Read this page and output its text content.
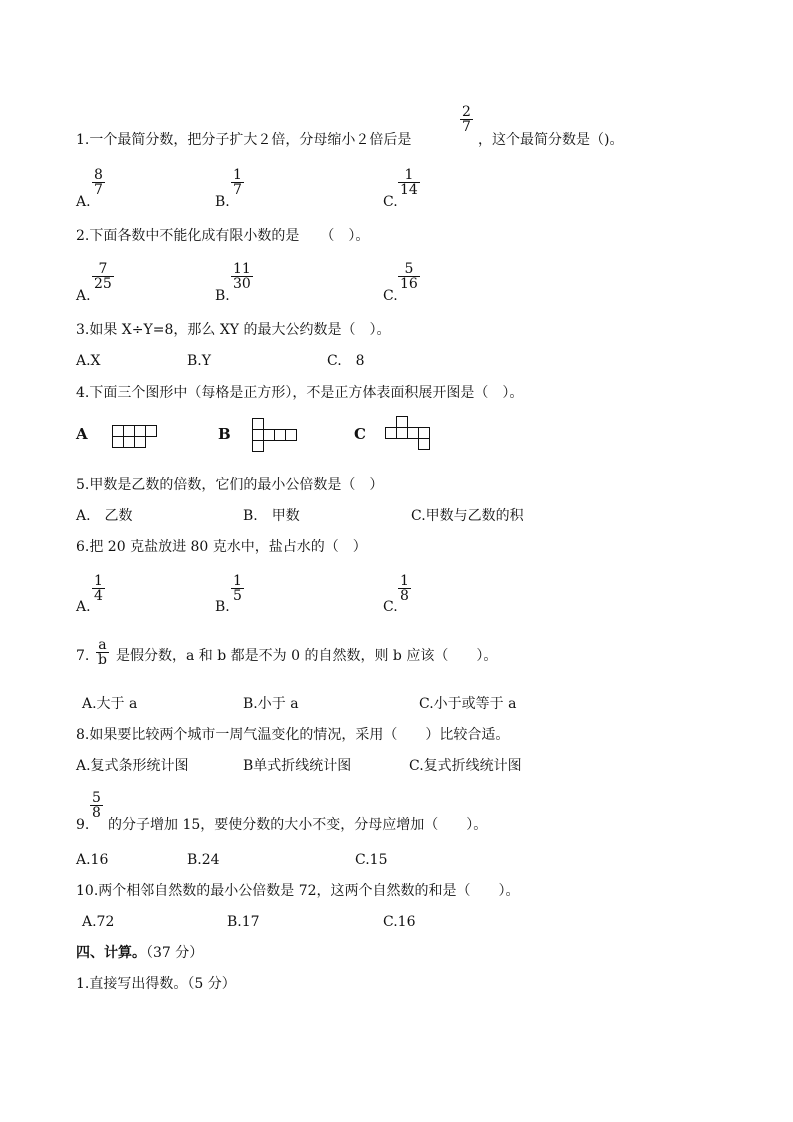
1.一个最简分数，把分子扩大２倍，分母缩小２倍后是
$\frac{2}{7}$
，这个最简分数是（)。
A.
$\frac{8}{7}$
B.
$\frac{1}{7}$
C.
$\frac{1}{14}$
2.下面各数中不能化成有限小数的是　　（　）。
A.
$\frac{7}{25}$
B.
$\frac{11}{30}$
C.
$\frac{5}{16}$
3.如果 X÷Y=8，那么 XY 的最大公约数是（　）。
A.X	B.Y	C.　8
4.下面三个图形中（每格是正方形），不是正方体表面积展开图是（　）。
A	B	C
5.甲数是乙数的倍数，它们的最小公倍数是（　）
A.　乙数	B.　甲数	C.甲数与乙数的积
6.把 20 克盐放进 80 克水中，盐占水的（　）
A.
$\frac{1}{4}$
B.
$\frac{1}{5}$
C.
$\frac{1}{8}$
7. $\frac{a}{b}$ 是假分数，a 和 b 都是不为 0 的自然数，则 b 应该（　　）。
A.大于 a	B.小于 a	C.小于或等于 a
8.如果要比较两个城市一周气温变化的情况，采用（　　）比较合适。
A.复式条形统计图	B单式折线统计图	C.复式折线统计图
9.
$\frac{5}{8}$
的分子增加 15，要使分数的大小不变，分母应增加（　　）。
A.16	B.24	C.15
10.两个相邻自然数的最小公倍数是 72，这两个自然数的和是（　　）。
A.72	B.17	C.16
四、计算。（37 分）
1.直接写出得数。（5 分）
